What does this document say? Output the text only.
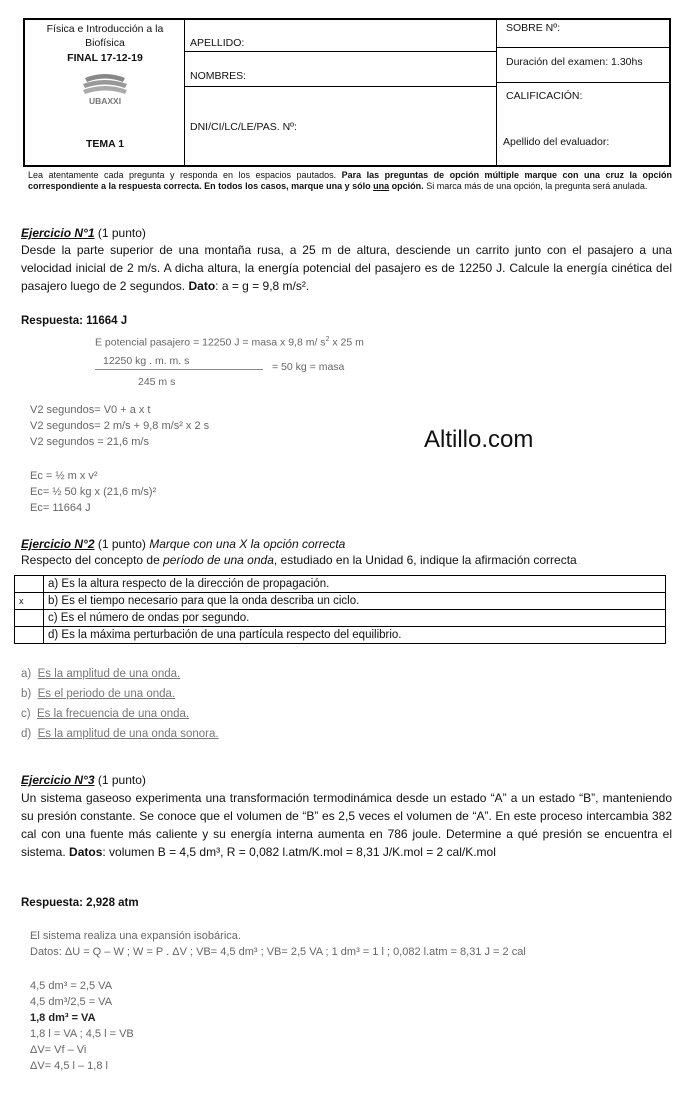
Física e Introducción a la Biofísica
FINAL 17-12-19
UBAXXI
TEMA 1
APELLIDO:
NOMBRES:
DNI/CI/LC/LE/PAS. Nº:
SOBRE Nº:
Duración del examen: 1.30hs
CALIFICACIÓN:
Apellido del evaluador:
Lea atentamente cada pregunta y responda en los espacios pautados. Para las preguntas de opción múltiple marque con una cruz la opción correspondiente a la respuesta correcta. En todos los casos, marque una y sólo una opción. Si marca más de una opción, la pregunta será anulada.
Ejercicio N°1 (1 punto)
Desde la parte superior de una montaña rusa, a 25 m de altura, desciende un carrito junto con el pasajero a una velocidad inicial de 2 m/s. A dicha altura, la energía potencial del pasajero es de 12250 J. Calcule la energía cinética del pasajero luego de 2 segundos. Dato: a = g = 9,8 m/s².
Respuesta: 11664 J
E potencial pasajero = 12250 J = masa x 9,8 m/ $s^2$ x 25 m
12250 kg . m. m. s
245 m s
= 50 kg = masa
V2 segundos= V0 + a x t
V2 segundos= 2 m/s + 9,8 m/s² x 2 s
V2 segundos = 21,6 m/s
Ec = ½ m x v²
Ec= ½ 50 kg x (21,6 m/s)²
Ec= 11664 J
Altillo.com
Ejercicio N°2 (1 punto) Marque con una X la opción correcta
Respecto del concepto de período de una onda, estudiado en la Unidad 6, indique la afirmación correcta
	a) Es la altura respecto de la dirección de propagación.
x	b) Es el tiempo necesario para que la onda describa un ciclo.
	c) Es el número de ondas por segundo.
	d) Es la máxima perturbación de una partícula respecto del equilibrio.
a) Es la amplitud de una onda.
b) Es el periodo de una onda.
c) Es la frecuencia de una onda.
d) Es la amplitud de una onda sonora.
Ejercicio N°3 (1 punto)
Un sistema gaseoso experimenta una transformación termodinámica desde un estado “A” a un estado “B”, manteniendo su presión constante. Se conoce que el volumen de “B” es 2,5 veces el volumen de “A”. En este proceso intercambia 382 cal con una fuente más caliente y su energía interna aumenta en 786 joule. Determine a qué presión se encuentra el sistema. Datos: volumen B = 4,5 dm³, R = 0,082 l.atm/K.mol = 8,31 J/K.mol = 2 cal/K.mol
Respuesta: 2,928 atm
El sistema realiza una expansión isobárica.
Datos: ΔU = Q – W ; W = P . ΔV ; VB= 4,5 dm³ ; VB= 2,5 VA ; 1 dm³ = 1 l ; 0,082 l.atm = 8,31 J = 2 cal
4,5 dm³ = 2,5 VA
4,5 dm³/2,5 = VA
1,8 dm³ = VA
1,8 l = VA ; 4,5 l = VB
ΔV= Vf – Vi
ΔV= 4,5 l – 1,8 l
